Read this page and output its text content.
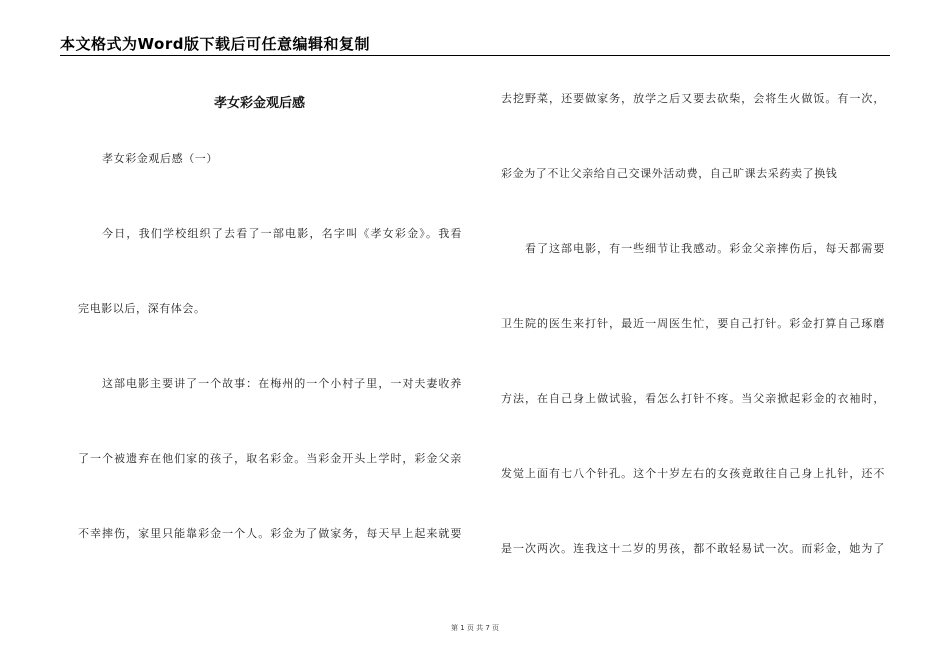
本文格式为Word版下载后可任意编辑和复制
孝女彩金观后感
孝女彩金观后感（一）
今日，我们学校组织了去看了一部电影，名字叫《孝女彩金》。我看
完电影以后，深有体会。
这部电影主要讲了一个故事：在梅州的一个小村子里，一对夫妻收养
了一个被遗弃在他们家的孩子，取名彩金。当彩金开头上学时，彩金父亲
不幸摔伤，家里只能靠彩金一个人。彩金为了做家务，每天早上起来就要
去挖野菜，还要做家务，放学之后又要去砍柴，会将生火做饭。有一次，
彩金为了不让父亲给自己交课外活动费，自己旷课去采药卖了换钱
看了这部电影，有一些细节让我感动。彩金父亲摔伤后，每天都需要
卫生院的医生来打针，最近一周医生忙，要自己打针。彩金打算自己琢磨
方法，在自己身上做试验，看怎么打针不疼。当父亲掀起彩金的衣袖时，
发觉上面有七八个针孔。这个十岁左右的女孩竟敢往自己身上扎针，还不
是一次两次。连我这十二岁的男孩，都不敢轻易试一次。而彩金，她为了
第 1 页 共 7 页
